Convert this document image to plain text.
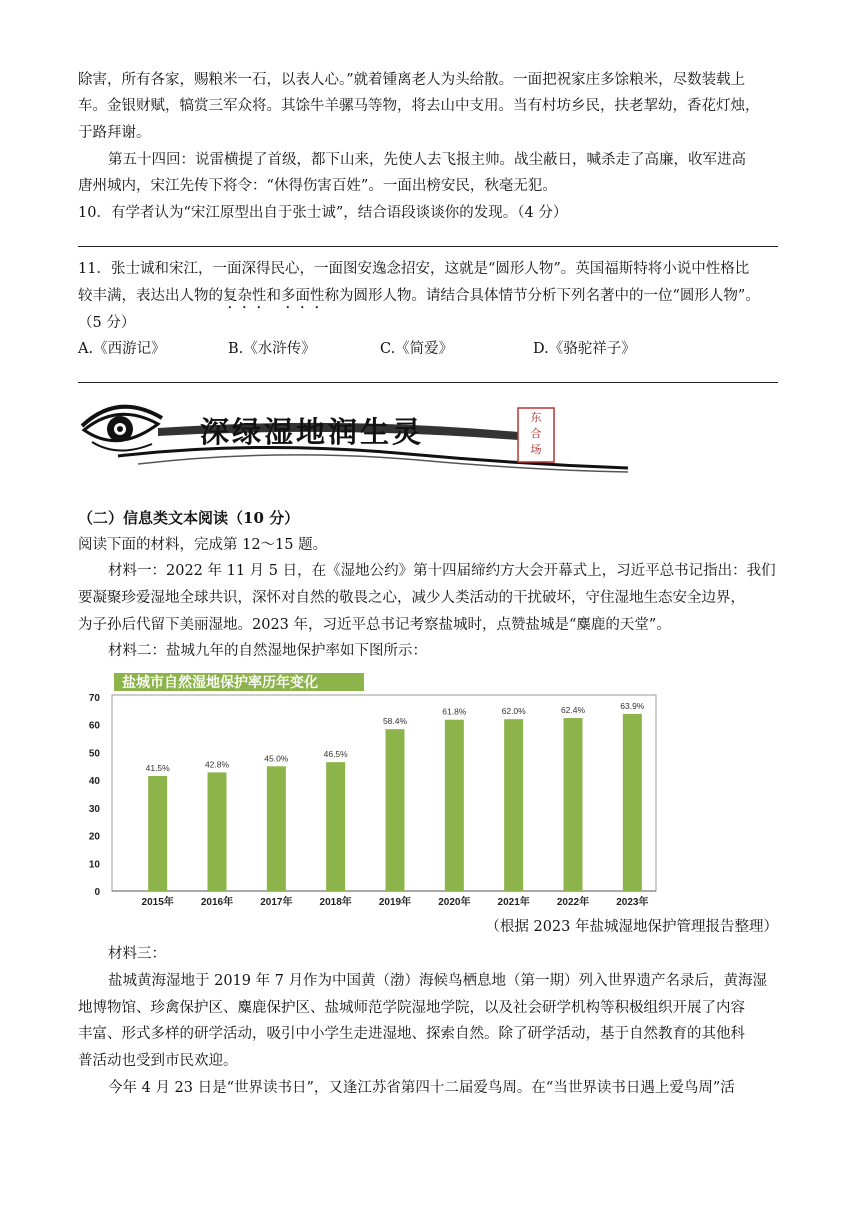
除害，所有各家，赐粮米一石，以表人心。”就着锺离老人为头给散。一面把祝家庄多馀粮米，尽数装载上
车。金银财赋，犒赏三军众将。其馀牛羊骡马等物，将去山中支用。当有村坊乡民，扶老挈幼，香花灯烛，
于路拜谢。
第五十四回：说雷横提了首级，都下山来，先使人去飞报主帅。战尘蔽日，喊杀走了高廉，收军进高
唐州城内，宋江先传下将令：“休得伤害百姓”。一面出榜安民，秋毫无犯。
10．有学者认为“宋江原型出自于张士诚”，结合语段谈谈你的发现。（4 分）
11．张士诚和宋江，一面深得民心，一面图安逸念招安，这就是“圆形人物”。英国福斯特将小说中性格比
较丰满，表达出人物的复杂性和多面性称为圆形人物。请结合具体情节分析下列名著中的一位“圆形人物”。
（5 分）
A.《西游记》	B.《水浒传》	C.《简爱》	D.《骆驼祥子》
深绿湿地润生灵	东
合
场
（二）信息类文本阅读（10 分）
阅读下面的材料，完成第 12～15 题。
材料一：2022 年 11 月 5 日，在《湿地公约》第十四届缔约方大会开幕式上，习近平总书记指出：我们
要凝聚珍爱湿地全球共识，深怀对自然的敬畏之心，减少人类活动的干扰破坏，守住湿地生态安全边界，
为子孙后代留下美丽湿地。2023 年，习近平总书记考察盐城时，点赞盐城是“麋鹿的天堂”。
材料二：盐城九年的自然湿地保护率如下图所示：
盐城市自然湿地保护率历年变化
0
10
20
30
40
50
60
70
41.5%
2015年
42.8%
2016年
45.0%
2017年
46.5%
2018年
58.4%
2019年
61.8%
2020年
62.0%
2021年
62.4%
2022年
63.9%
2023年
（根据 2023 年盐城湿地保护管理报告整理）
材料三：
盐城黄海湿地于 2019 年 7 月作为中国黄（渤）海候鸟栖息地（第一期）列入世界遗产名录后，黄海湿
地博物馆、珍禽保护区、麋鹿保护区、盐城师范学院湿地学院，以及社会研学机构等积极组织开展了内容
丰富、形式多样的研学活动，吸引中小学生走进湿地、探索自然。除了研学活动，基于自然教育的其他科
普活动也受到市民欢迎。
今年 4 月 23 日是“世界读书日”，又逢江苏省第四十二届爱鸟周。在“当世界读书日遇上爱鸟周”活
